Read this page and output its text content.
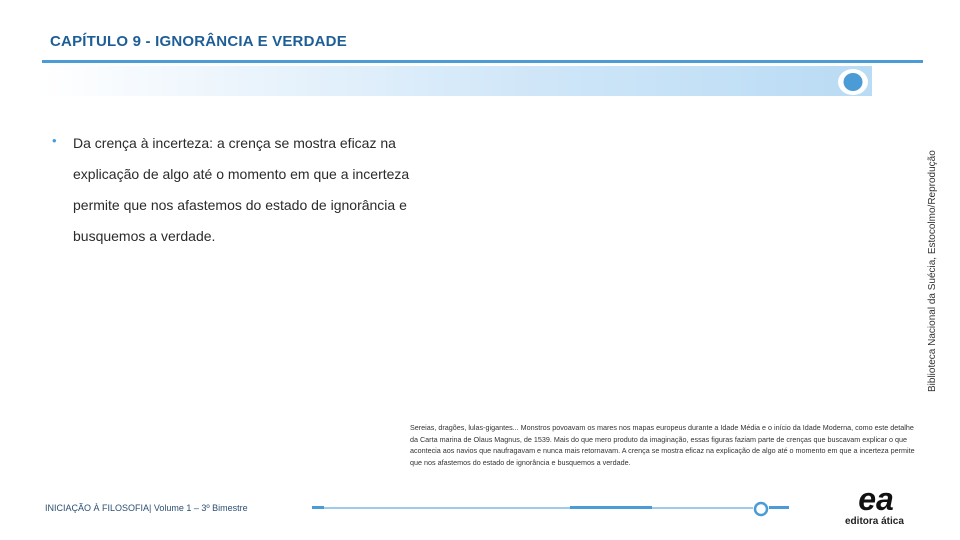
CAPÍTULO 9 - IGNORÂNCIA E VERDADE
• Da crença à incerteza: a crença se mostra eficaz na explicação de algo até o momento em que a incerteza permite que nos afastemos do estado de ignorância e busquemos a verdade.	Biblioteca Nacional da Suécia, Estocolmo/Reprodução
Sereias, dragões, lulas-gigantes... Monstros povoavam os mares nos mapas europeus durante a Idade Média e o início da Idade Moderna, como este detalhe da Carta marina de Olaus Magnus, de 1539. Mais do que mero produto da imaginação, essas figuras faziam parte de crenças que buscavam explicar o que acontecia aos navios que naufragavam e nunca mais retornavam. A crença se mostra eficaz na explicação de algo até o momento em que a incerteza permite que nos afastemos do estado de ignorância e busquemos a verdade.
INICIAÇÃO À FILOSOFIA| Volume 1 – 3º Bimestre	ea
editora ática
